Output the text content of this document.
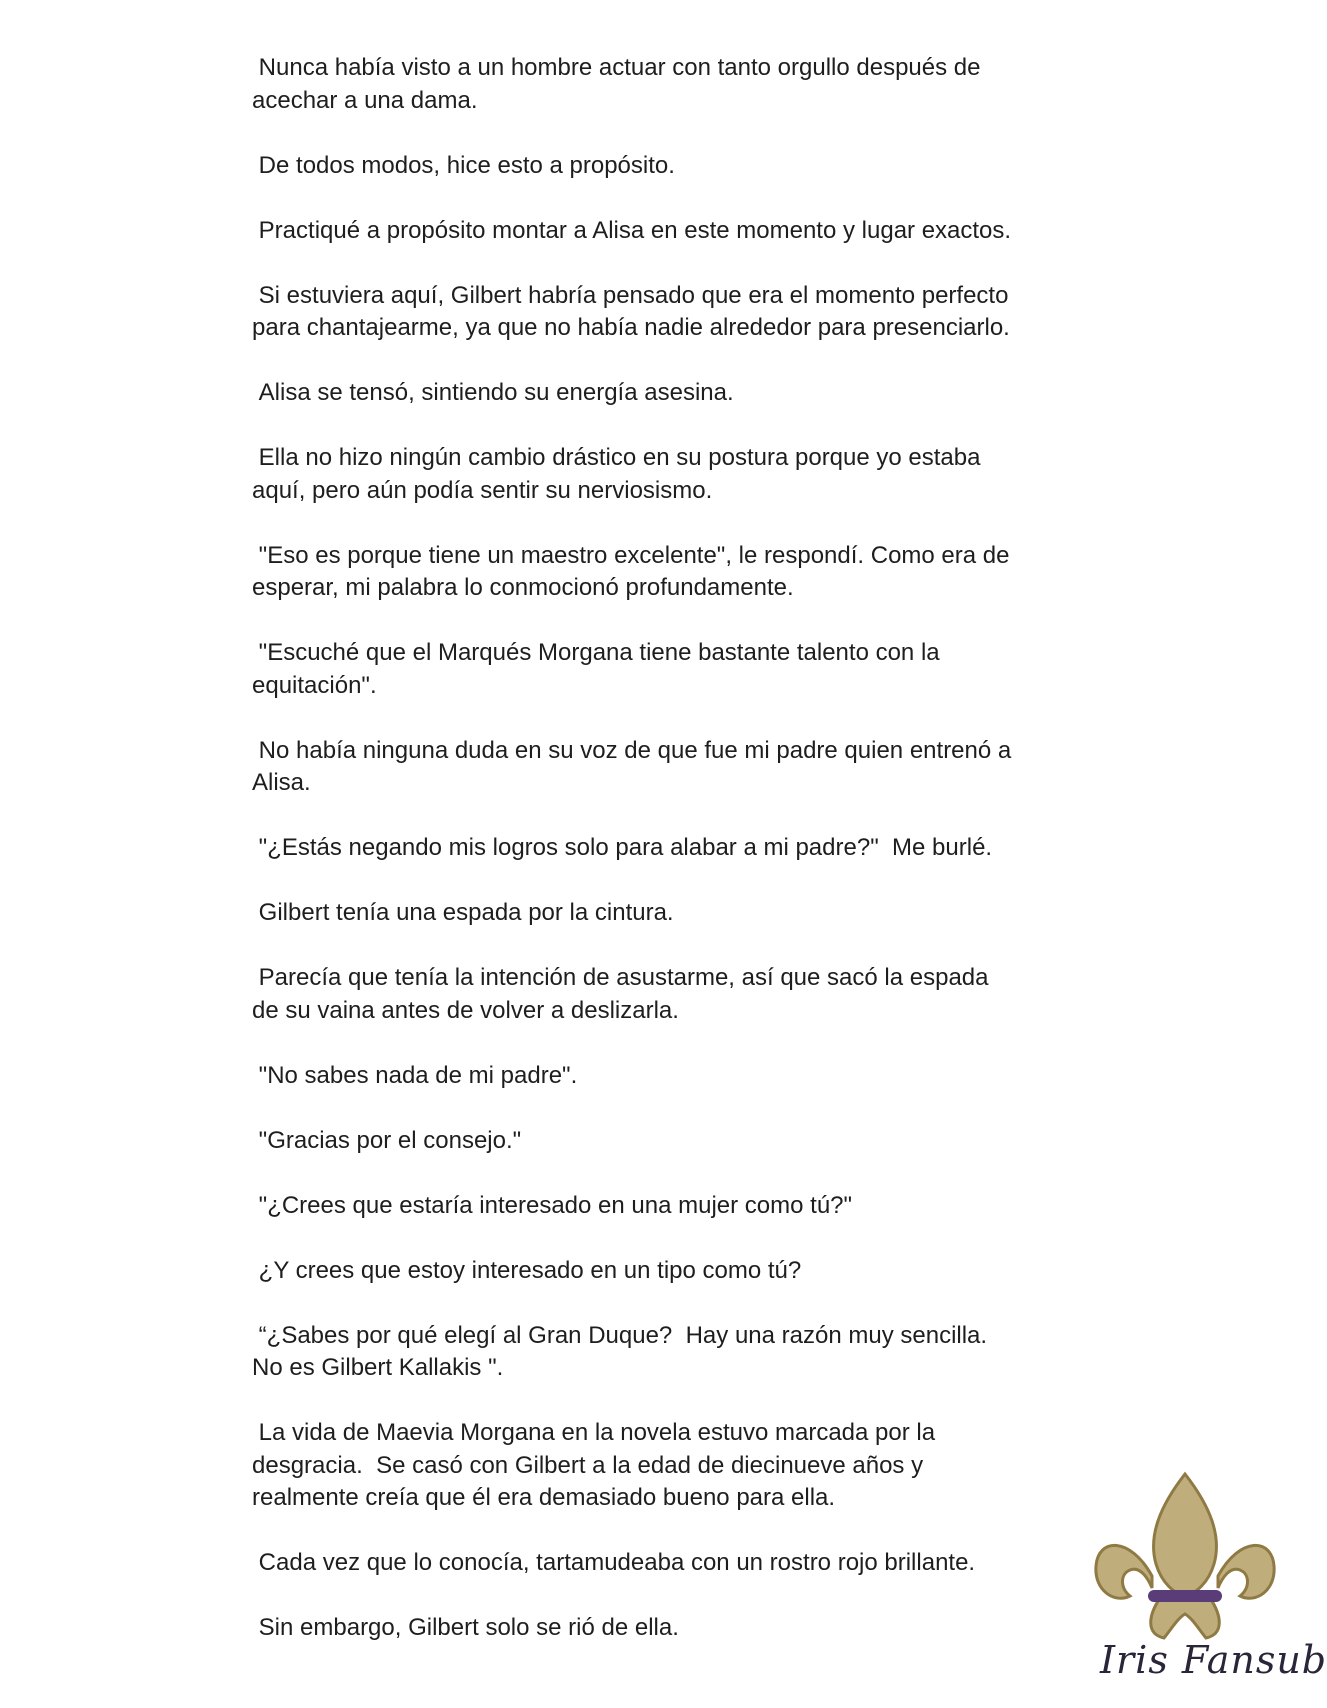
Nunca había visto a un hombre actuar con tanto orgullo después de
acechar a una dama.

De todos modos, hice esto a propósito.

Practiqué a propósito montar a Alisa en este momento y lugar exactos.

Si estuviera aquí, Gilbert habría pensado que era el momento perfecto
para chantajearme, ya que no había nadie alrededor para presenciarlo.

Alisa se tensó, sintiendo su energía asesina.

Ella no hizo ningún cambio drástico en su postura porque yo estaba
aquí, pero aún podía sentir su nerviosismo.

"Eso es porque tiene un maestro excelente", le respondí. Como era de
esperar, mi palabra lo conmocionó profundamente.

"Escuché que el Marqués Morgana tiene bastante talento con la
equitación".

No había ninguna duda en su voz de que fue mi padre quien entrenó a
Alisa.

"¿Estás negando mis logros solo para alabar a mi padre?"  Me burlé.

Gilbert tenía una espada por la cintura.

Parecía que tenía la intención de asustarme, así que sacó la espada
de su vaina antes de volver a deslizarla.

"No sabes nada de mi padre".

"Gracias por el consejo."

"¿Crees que estaría interesado en una mujer como tú?"

¿Y crees que estoy interesado en un tipo como tú?

“¿Sabes por qué elegí al Gran Duque?  Hay una razón muy sencilla.
No es Gilbert Kallakis ".

La vida de Maevia Morgana en la novela estuvo marcada por la
desgracia.  Se casó con Gilbert a la edad de diecinueve años y
realmente creía que él era demasiado bueno para ella.

Cada vez que lo conocía, tartamudeaba con un rostro rojo brillante.

Sin embargo, Gilbert solo se rió de ella.

Iris Fansub
